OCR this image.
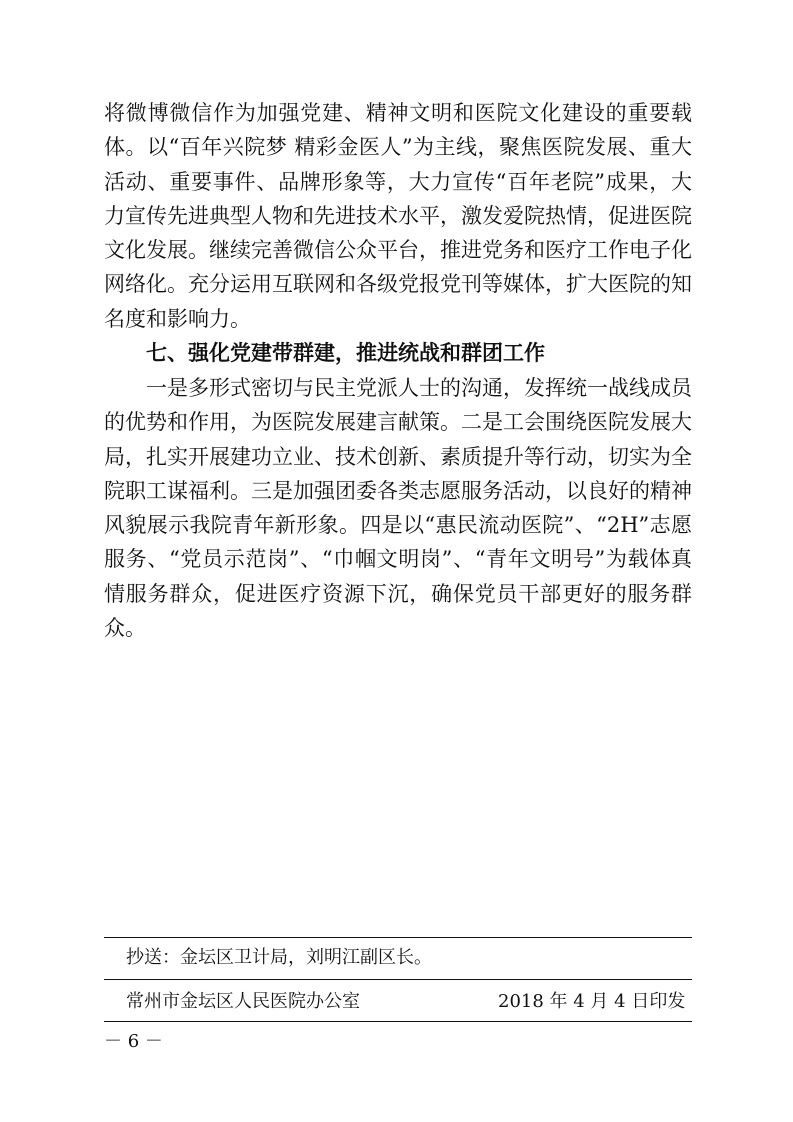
将微博微信作为加强党建、精神文明和医院文化建设的重要载体。以“百年兴院梦 精彩金医人”为主线，聚焦医院发展、重大活动、重要事件、品牌形象等，大力宣传“百年老院”成果，大力宣传先进典型人物和先进技术水平，激发爱院热情，促进医院文化发展。继续完善微信公众平台，推进党务和医疗工作电子化网络化。充分运用互联网和各级党报党刊等媒体，扩大医院的知名度和影响力。

七、强化党建带群建，推进统战和群团工作

一是多形式密切与民主党派人士的沟通，发挥统一战线成员的优势和作用，为医院发展建言献策。二是工会围绕医院发展大局，扎实开展建功立业、技术创新、素质提升等行动，切实为全院职工谋福利。三是加强团委各类志愿服务活动，以良好的精神风貌展示我院青年新形象。四是以“惠民流动医院”、“2H”志愿服务、“党员示范岗”、“巾帼文明岗”、“青年文明号”为载体真情服务群众，促进医疗资源下沉，确保党员干部更好的服务群众。

抄送：金坛区卫计局，刘明江副区长。
常州市金坛区人民医院办公室	2018 年 4 月 4 日印发
－ 6 －
